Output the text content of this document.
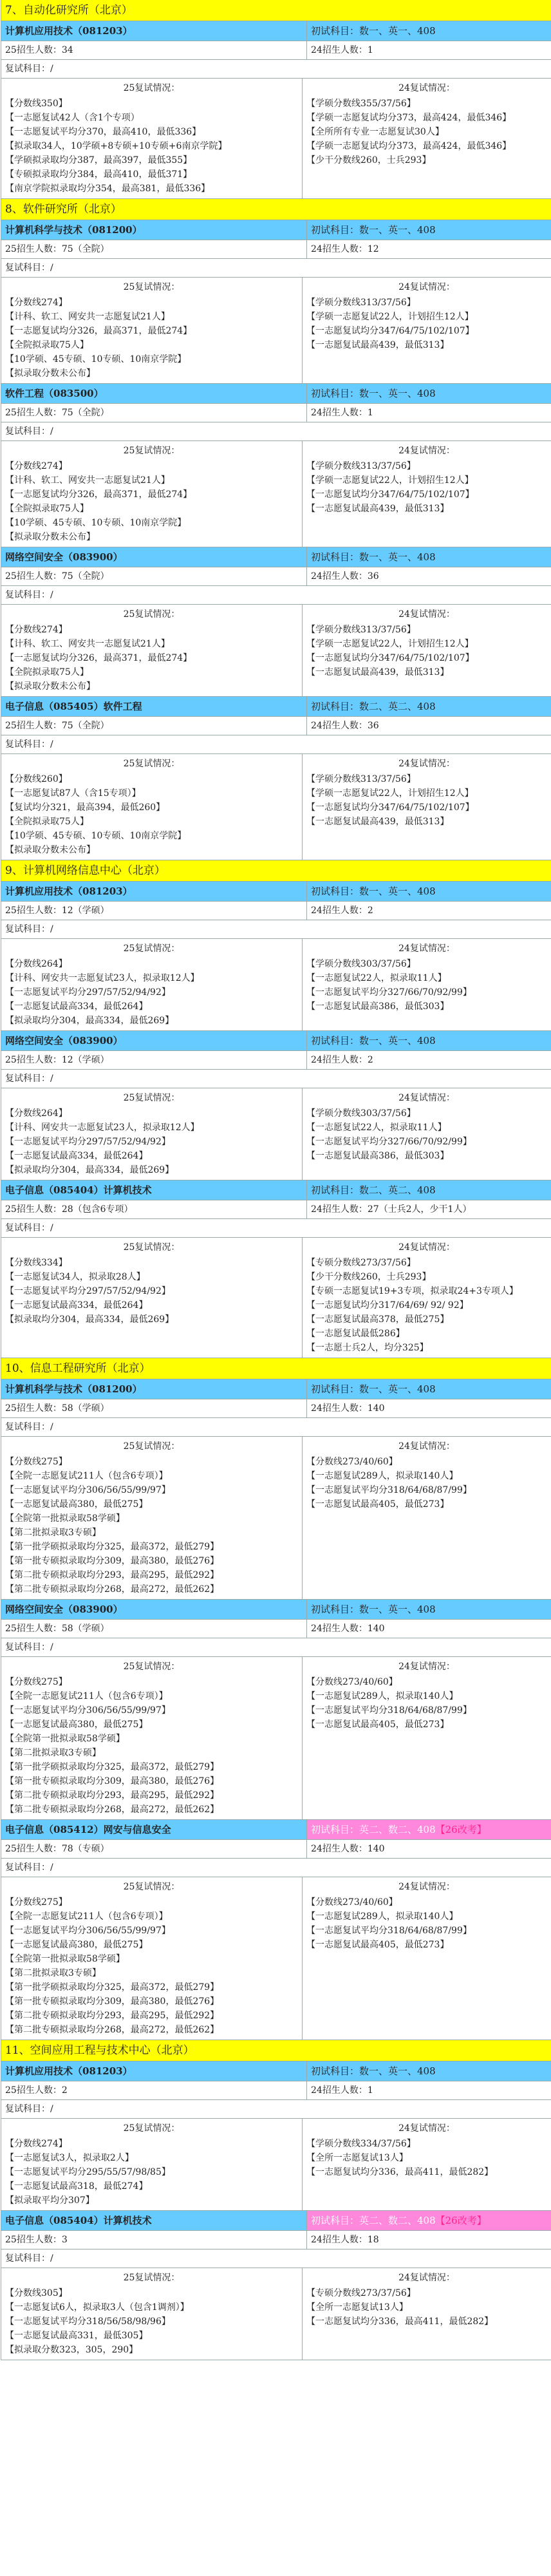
7、自动化研究所（北京）
计算机应用技术（081203）	初试科目：数一、英一、408
25招生人数：34	24招生人数：1
复试科目：/
25复试情况：
【分数线350】
【一志愿复试42人（含1个专项）
【一志愿复试平均分370，最高410，最低336】
【拟录取34人，10学硕+8专硕+10专硕+6南京学院】
【学硕拟录取均分387，最高397，最低355】
【专硕拟录取均分384，最高410，最低371】
【南京学院拟录取均分354，最高381，最低336】
24复试情况：
【学硕分数线355/37/56】
【学硕一志愿复试均分373，最高424，最低346】
【全所所有专业一志愿复试30人】
【学硕一志愿复试均分373，最高424，最低346】
【少干分数线260，士兵293】
8、软件研究所（北京）
计算机科学与技术（081200）	初试科目：数一、英一、408
25招生人数：75（全院）	24招生人数：12
复试科目：/
25复试情况：
【分数线274】
【计科、软工、网安共一志愿复试21人】
【一志愿复试均分326，最高371，最低274】
【全院拟录取75人】
【10学硕、45专硕、10专硕、10南京学院】
【拟录取分数未公布】
24复试情况：
【学硕分数线313/37/56】
【学硕一志愿复试22人，计划招生12人】
【一志愿复试均分347/64/75/102/107】
【一志愿复试最高439，最低313】
软件工程（083500）	初试科目：数一、英一、408
25招生人数：75（全院）	24招生人数：1
复试科目：/
25复试情况：
【分数线274】
【计科、软工、网安共一志愿复试21人】
【一志愿复试均分326，最高371，最低274】
【全院拟录取75人】
【10学硕、45专硕、10专硕、10南京学院】
【拟录取分数未公布】
24复试情况：
【学硕分数线313/37/56】
【学硕一志愿复试22人，计划招生12人】
【一志愿复试均分347/64/75/102/107】
【一志愿复试最高439，最低313】
网络空间安全（083900）	初试科目：数一、英一、408
25招生人数：75（全院）	24招生人数：36
复试科目：/
25复试情况：
【分数线274】
【计科、软工、网安共一志愿复试21人】
【一志愿复试均分326，最高371，最低274】
【全院拟录取75人】
【拟录取分数未公布】
24复试情况：
【学硕分数线313/37/56】
【学硕一志愿复试22人，计划招生12人】
【一志愿复试均分347/64/75/102/107】
【一志愿复试最高439，最低313】
电子信息（085405）软件工程	初试科目：数二、英二、408
25招生人数：75（全院）	24招生人数：36
复试科目：/
25复试情况：
【分数线260】
【一志愿复试87人（含15专项）】
【复试均分321，最高394，最低260】
【全院拟录取75人】
【10学硕、45专硕、10专硕、10南京学院】
【拟录取分数未公布】
24复试情况：
【学硕分数线313/37/56】
【学硕一志愿复试22人，计划招生12人】
【一志愿复试均分347/64/75/102/107】
【一志愿复试最高439，最低313】
9、计算机网络信息中心（北京）
计算机应用技术（081203）	初试科目：数一、英一、408
25招生人数：12（学硕）	24招生人数：2
复试科目：/
25复试情况：
【分数线264】
【计科、网安共一志愿复试23人，拟录取12人】
【一志愿复试平均分297/57/52/94/92】
【一志愿复试最高334，最低264】
【拟录取均分304，最高334，最低269】
24复试情况：
【学硕分数线303/37/56】
【一志愿复试22人，拟录取11人】
【一志愿复试平均分327/66/70/92/99】
【一志愿复试最高386，最低303】
网络空间安全（083900）	初试科目：数一、英一、408
25招生人数：12（学硕）	24招生人数：2
复试科目：/
25复试情况：
【分数线264】
【计科、网安共一志愿复试23人，拟录取12人】
【一志愿复试平均分297/57/52/94/92】
【一志愿复试最高334，最低264】
【拟录取均分304，最高334，最低269】
24复试情况：
【学硕分数线303/37/56】
【一志愿复试22人，拟录取11人】
【一志愿复试平均分327/66/70/92/99】
【一志愿复试最高386，最低303】
电子信息（085404）计算机技术	初试科目：数二、英二、408
25招生人数：28（包含6专项）	24招生人数：27（士兵2人，少干1人）
复试科目：/
25复试情况：
【分数线334】
【一志愿复试34人，拟录取28人】
【一志愿复试平均分297/57/52/94/92】
【一志愿复试最高334，最低264】
【拟录取均分304，最高334，最低269】
24复试情况：
【专硕分数线273/37/56】
【少干分数线260，士兵293】
【专硕一志愿复试19+3专项，拟录取24+3专项人】
【一志愿复试均分317/64/69/ 92/ 92】
【一志愿复试最高378，最低275】
【一志愿复试最低286】
【一志愿士兵2人，均分325】
10、信息工程研究所（北京）
计算机科学与技术（081200）	初试科目：数一、英一、408
25招生人数：58（学硕）	24招生人数：140
复试科目：/
25复试情况：
【分数线275】
【全院一志愿复试211人（包含6专项）】
【一志愿复试平均分306/56/55/99/97】
【一志愿复试最高380，最低275】
【全院第一批拟录取58学硕】
【第二批拟录取3专硕】
【第一批学硕拟录取均分325，最高372，最低279】
【第一批专硕拟录取均分309，最高380，最低276】
【第二批专硕拟录取均分293，最高295，最低292】
【第二批专硕拟录取均分268，最高272，最低262】
24复试情况：
【分数线273/40/60】
【一志愿复试289人，拟录取140人】
【一志愿复试平均分318/64/68/87/99】
【一志愿复试最高405，最低273】
网络空间安全（083900）	初试科目：数一、英一、408
25招生人数：58（学硕）	24招生人数：140
复试科目：/
25复试情况：
【分数线275】
【全院一志愿复试211人（包含6专项）】
【一志愿复试平均分306/56/55/99/97】
【一志愿复试最高380，最低275】
【全院第一批拟录取58学硕】
【第二批拟录取3专硕】
【第一批学硕拟录取均分325，最高372，最低279】
【第一批专硕拟录取均分309，最高380，最低276】
【第二批专硕拟录取均分293，最高295，最低292】
【第二批专硕拟录取均分268，最高272，最低262】
24复试情况：
【分数线273/40/60】
【一志愿复试289人，拟录取140人】
【一志愿复试平均分318/64/68/87/99】
【一志愿复试最高405，最低273】
电子信息（085412）网安与信息安全	初试科目：英二、数二、408【26改考】
25招生人数：78（专硕）	24招生人数：140
复试科目：/
25复试情况：
【分数线275】
【全院一志愿复试211人（包含6专项）】
【一志愿复试平均分306/56/55/99/97】
【一志愿复试最高380，最低275】
【全院第一批拟录取58学硕】
【第二批拟录取3专硕】
【第一批学硕拟录取均分325，最高372，最低279】
【第一批专硕拟录取均分309，最高380，最低276】
【第二批专硕拟录取均分293，最高295，最低292】
【第二批专硕拟录取均分268，最高272，最低262】
24复试情况：
【分数线273/40/60】
【一志愿复试289人，拟录取140人】
【一志愿复试平均分318/64/68/87/99】
【一志愿复试最高405，最低273】
11、空间应用工程与技术中心（北京）
计算机应用技术（081203）	初试科目：数一、英一、408
25招生人数：2	24招生人数：1
复试科目：/
25复试情况：
【分数线274】
【一志愿复试3人，拟录取2人】
【一志愿复试平均分295/55/57/98/85】
【一志愿复试最高318，最低274】
【拟录取平均分307】
24复试情况：
【学硕分数线334/37/56】
【全所一志愿复试13人】
【一志愿复试均分336，最高411，最低282】
电子信息（085404）计算机技术	初试科目：英二、数二、408【26改考】
25招生人数：3	24招生人数：18
复试科目：/
25复试情况：
【分数线305】
【一志愿复试6人，拟录取3人（包含1调剂）】
【一志愿复试平均分318/56/58/98/96】
【一志愿复试最高331，最低305】
【拟录取分数323，305，290】
24复试情况：
【专硕分数线273/37/56】
【全所一志愿复试13人】
【一志愿复试均分336，最高411，最低282】
